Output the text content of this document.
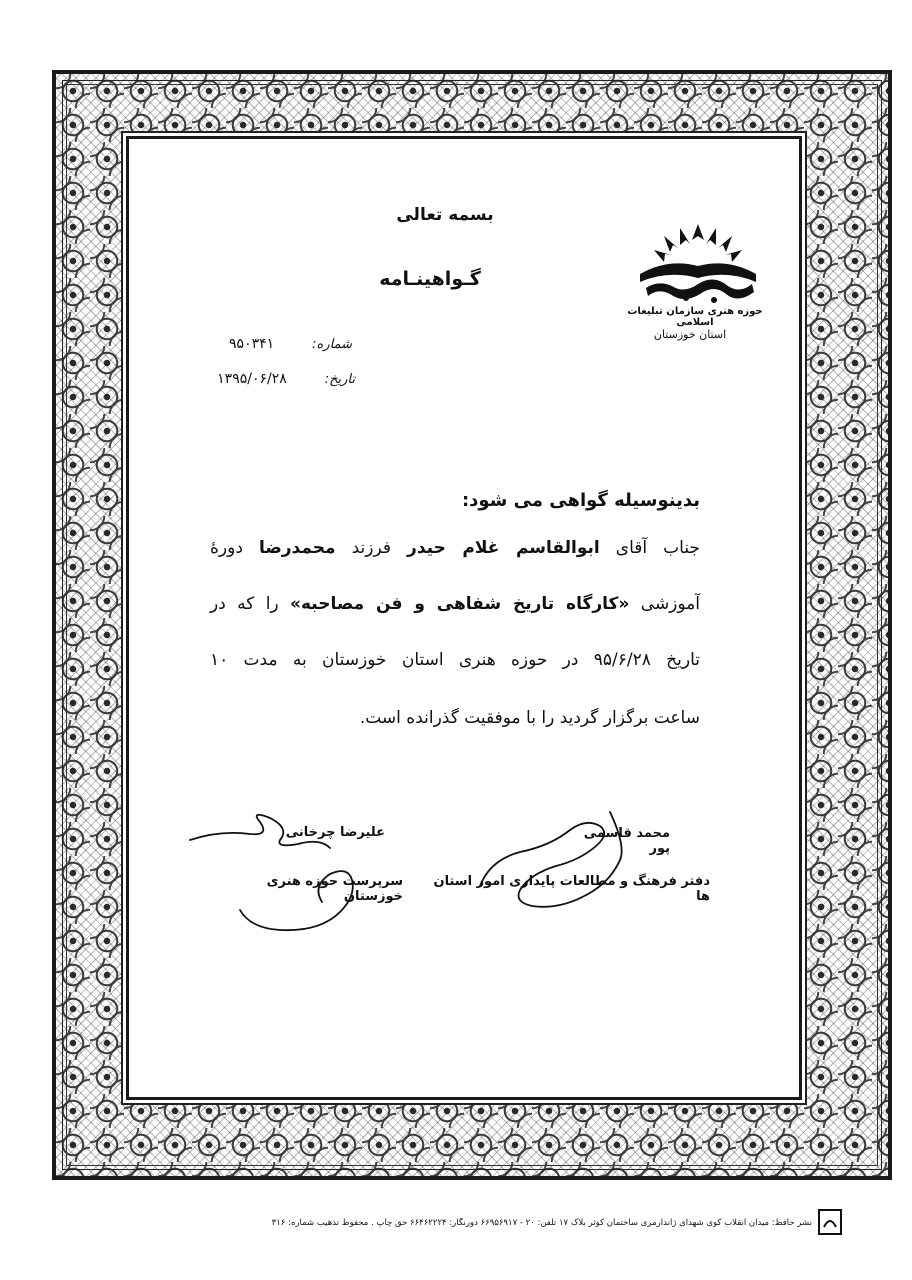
بسمه تعالی
گـواهینـامه
حوزه هنری سازمان تبلیغات اسلامی
استان خوزستان
شماره:
۹۵۰۳۴۱
تاریخ:
۱۳۹۵/۰۶/۲۸
بدینوسیله گواهی می شود:
جناب آقای ابوالقاسم غلام حیدر فرزند محمدرضا دورهٔ
آموزشی «کارگاه تاریخ شفاهی و فن مصاحبه» را که در
تاریخ ۹۵/۶/۲۸ در حوزه هنری استان خوزستان به مدت ۱۰
ساعت برگزار گردید را با موفقیت گذرانده است.
علیرضا چرخانی
سرپرست حوزه هنری خوزستان
محمد قاسمی پور
دفتر فرهنگ و مطالعات پایداری امور استان ها
نشر حافظ: میدان انقلاب کوی شهدای ژاندارمری ساختمان کوثر بلاک ۱۷ تلفن: ۲۰ - ۶۶۹۵۶۹۱۷ دورنگار: ۶۶۴۶۲۲۲۴ حق چاپ . محفوظ تذهیب شماره: ۳۱۶
